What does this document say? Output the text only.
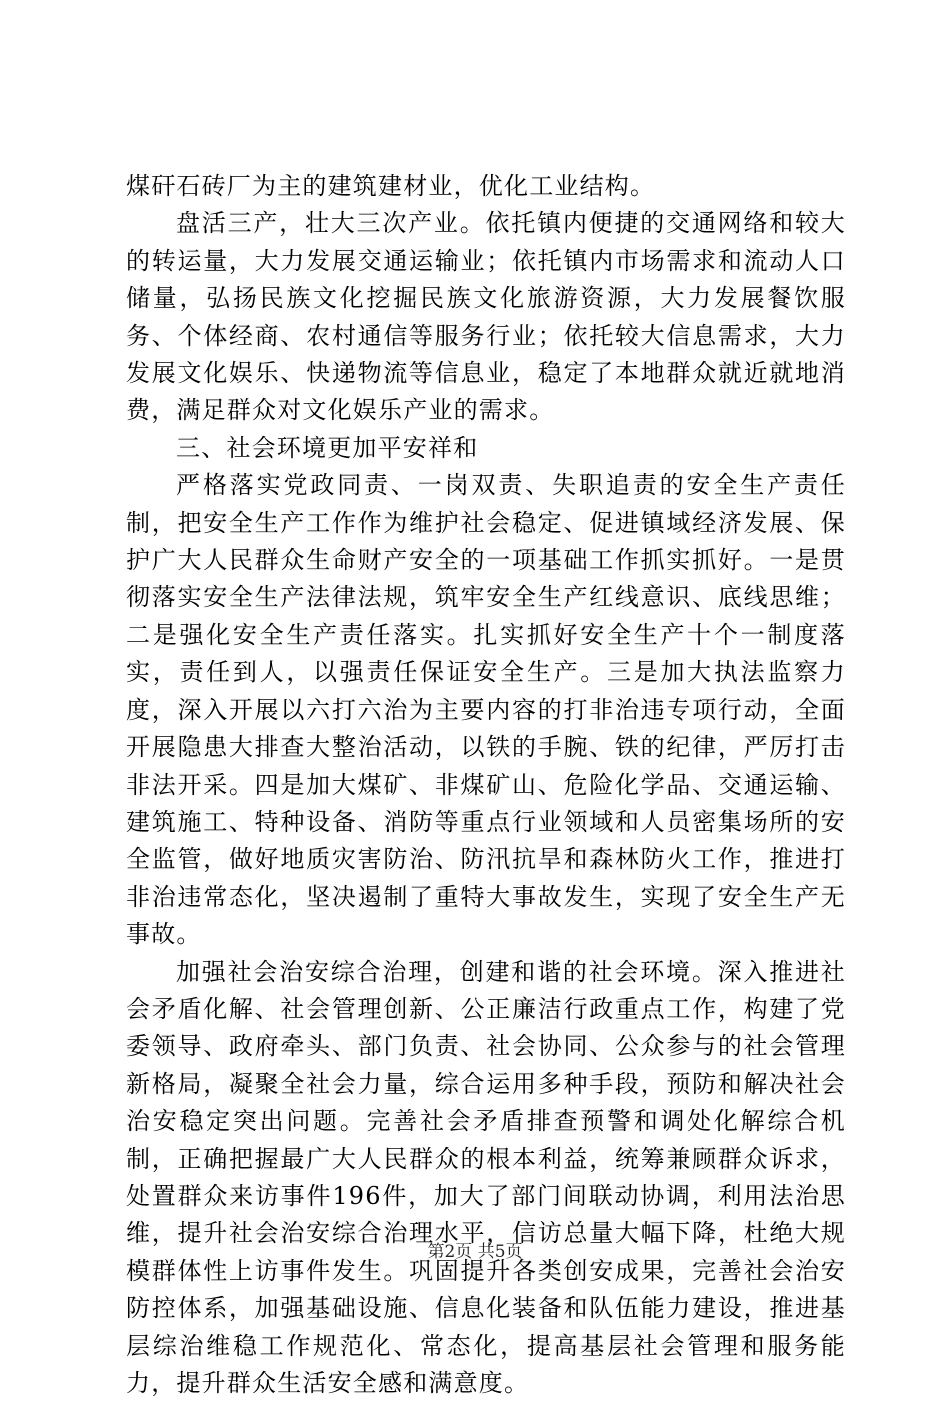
煤矸石砖厂为主的建筑建材业，优化工业结构。

盘活三产，壮大三次产业。依托镇内便捷的交通网络和较大的转运量，大力发展交通运输业；依托镇内市场需求和流动人口储量，弘扬民族文化挖掘民族文化旅游资源，大力发展餐饮服务、个体经商、农村通信等服务行业；依托较大信息需求，大力发展文化娱乐、快递物流等信息业，稳定了本地群众就近就地消费，满足群众对文化娱乐产业的需求。

三、社会环境更加平安祥和

严格落实党政同责、一岗双责、失职追责的安全生产责任制，把安全生产工作作为维护社会稳定、促进镇域经济发展、保护广大人民群众生命财产安全的一项基础工作抓实抓好。一是贯彻落实安全生产法律法规，筑牢安全生产红线意识、底线思维；二是强化安全生产责任落实。扎实抓好安全生产十个一制度落实，责任到人，以强责任保证安全生产。三是加大执法监察力度，深入开展以六打六治为主要内容的打非治违专项行动，全面开展隐患大排查大整治活动，以铁的手腕、铁的纪律，严厉打击非法开采。四是加大煤矿、非煤矿山、危险化学品、交通运输、建筑施工、特种设备、消防等重点行业领域和人员密集场所的安全监管，做好地质灾害防治、防汛抗旱和森林防火工作，推进打非治违常态化，坚决遏制了重特大事故发生，实现了安全生产无事故。

加强社会治安综合治理，创建和谐的社会环境。深入推进社会矛盾化解、社会管理创新、公正廉洁行政重点工作，构建了党委领导、政府牵头、部门负责、社会协同、公众参与的社会管理新格局，凝聚全社会力量，综合运用多种手段，预防和解决社会治安稳定突出问题。完善社会矛盾排查预警和调处化解综合机制，正确把握最广大人民群众的根本利益，统筹兼顾群众诉求，处置群众来访事件196件，加大了部门间联动协调，利用法治思维，提升社会治安综合治理水平，信访总量大幅下降，杜绝大规模群体性上访事件发生。巩固提升各类创安成果，完善社会治安防控体系，加强基础设施、信息化装备和队伍能力建设，推进基层综治维稳工作规范化、常态化，提高基层社会管理和服务能力，提升群众生活安全感和满意度。

第2页 共5页
